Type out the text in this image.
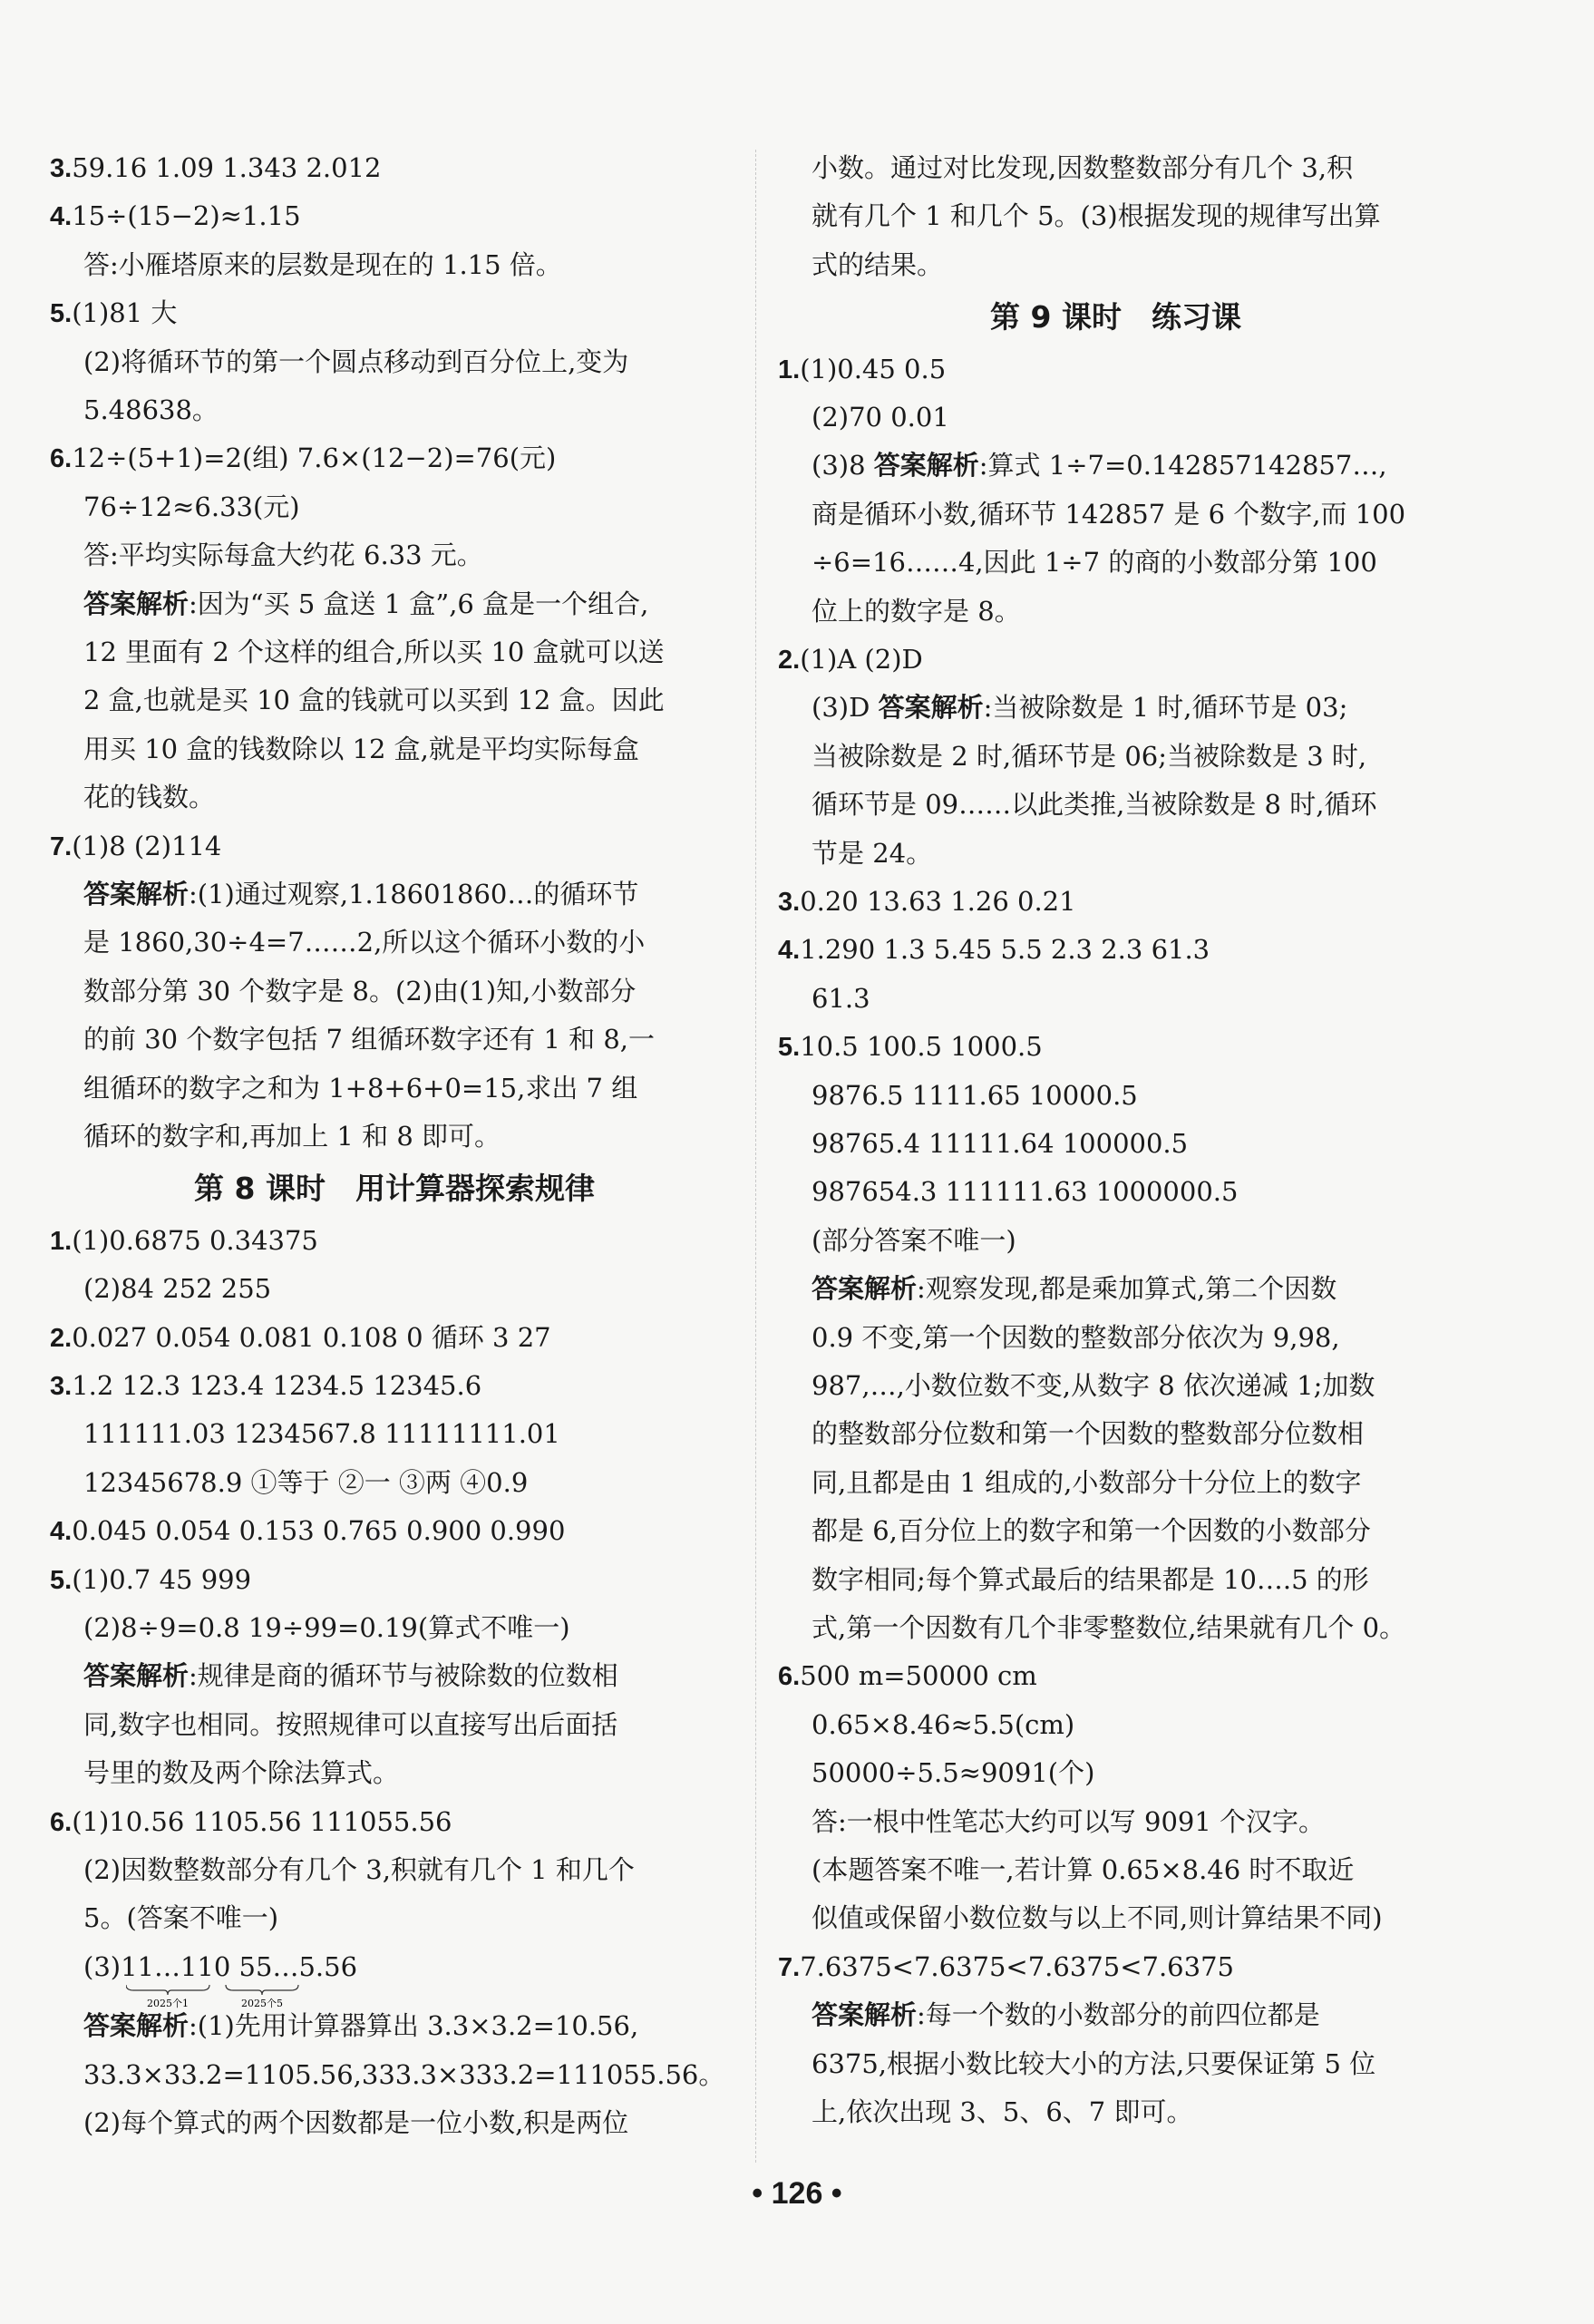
3.59.16 1.09 1.343 2.012
4.15÷(15−2)≈1.15
答:小雁塔原来的层数是现在的 1.15 倍。
5.(1)81 大
(2)将循环节的第一个圆点移动到百分位上,变为
5.48638。
6.12÷(5+1)=2(组) 7.6×(12−2)=76(元)
76÷12≈6.33(元)
答:平均实际每盒大约花 6.33 元。
答案解析:因为“买 5 盒送 1 盒”,6 盒是一个组合,
12 里面有 2 个这样的组合,所以买 10 盒就可以送
2 盒,也就是买 10 盒的钱就可以买到 12 盒。因此
用买 10 盒的钱数除以 12 盒,就是平均实际每盒
花的钱数。
7.(1)8 (2)114
答案解析:(1)通过观察,1.18601860…的循环节
是 1860,30÷4=7……2,所以这个循环小数的小
数部分第 30 个数字是 8。(2)由(1)知,小数部分
的前 30 个数字包括 7 组循环数字还有 1 和 8,一
组循环的数字之和为 1+8+6+0=15,求出 7 组
循环的数字和,再加上 1 和 8 即可。
第 8 课时　用计算器探索规律
1.(1)0.6875 0.34375
(2)84 252 255
2.0.027 0.054 0.081 0.108 0 循环 3 27
3.1.2 12.3 123.4 1234.5 12345.6
111111.03 1234567.8 11111111.01
12345678.9 ①等于 ②一 ③两 ④0.9
4.0.045 0.054 0.153 0.765 0.900 0.990
5.(1)0.7 45 999
(2)8÷9=0.8 19÷99=0.19(算式不唯一)
答案解析:规律是商的循环节与被除数的位数相
同,数字也相同。按照规律可以直接写出后面括
号里的数及两个除法算式。
6.(1)10.56 1105.56 111055.56
(2)因数整数部分有几个 3,积就有几个 1 和几个
5。(答案不唯一)
(3)11…110 55…5.56
2025个1	2025个5
答案解析:(1)先用计算器算出 3.3×3.2=10.56,
33.3×33.2=1105.56,333.3×333.2=111055.56。
(2)每个算式的两个因数都是一位小数,积是两位
小数。通过对比发现,因数整数部分有几个 3,积
就有几个 1 和几个 5。(3)根据发现的规律写出算
式的结果。
第 9 课时　练习课
1.(1)0.45 0.5
(2)70 0.01
(3)8 答案解析:算式 1÷7=0.142857142857…,
商是循环小数,循环节 142857 是 6 个数字,而 100
÷6=16……4,因此 1÷7 的商的小数部分第 100
位上的数字是 8。
2.(1)A (2)D
(3)D 答案解析:当被除数是 1 时,循环节是 03;
当被除数是 2 时,循环节是 06;当被除数是 3 时,
循环节是 09……以此类推,当被除数是 8 时,循环
节是 24。
3.0.20 13.63 1.26 0.21
4.1.290 1.3 5.45 5.5 2.3 2.3 61.3
61.3
5.10.5 100.5 1000.5
9876.5 1111.65 10000.5
98765.4 11111.64 100000.5
987654.3 111111.63 1000000.5
(部分答案不唯一)
答案解析:观察发现,都是乘加算式,第二个因数
0.9 不变,第一个因数的整数部分依次为 9,98,
987,…,小数位数不变,从数字 8 依次递减 1;加数
的整数部分位数和第一个因数的整数部分位数相
同,且都是由 1 组成的,小数部分十分位上的数字
都是 6,百分位上的数字和第一个因数的小数部分
数字相同;每个算式最后的结果都是 10….5 的形
式,第一个因数有几个非零整数位,结果就有几个 0。
6.500 m=50000 cm
0.65×8.46≈5.5(cm)
50000÷5.5≈9091(个)
答:一根中性笔芯大约可以写 9091 个汉字。
(本题答案不唯一,若计算 0.65×8.46 时不取近
似值或保留小数位数与以上不同,则计算结果不同)
7.7.6375<7.6375<7.6375<7.6375
答案解析:每一个数的小数部分的前四位都是
6375,根据小数比较大小的方法,只要保证第 5 位
上,依次出现 3、5、6、7 即可。
• 126 •
